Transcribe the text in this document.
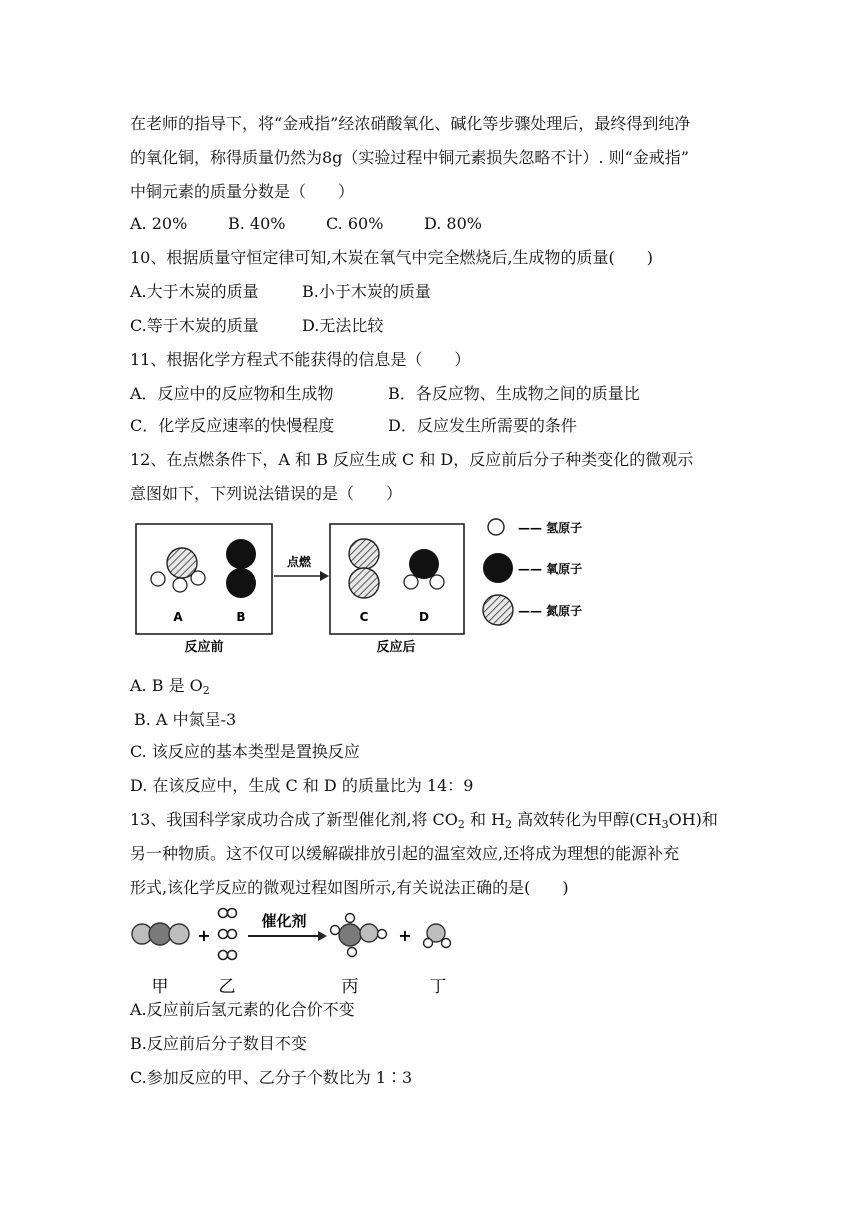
在老师的指导下，将“金戒指”经浓硝酸氧化、碱化等步骤处理后，最终得到纯净
的氧化铜，称得质量仍然为8g（实验过程中铜元素损失忽略不计）. 则“金戒指”
中铜元素的质量分数是（　　）
A. 20%	B. 40%	C. 60%	D. 80%
10、根据质量守恒定律可知,木炭在氧气中完全燃烧后,生成物的质量(　　)
A.大于木炭的质量	B.小于木炭的质量
C.等于木炭的质量	D.无法比较
11、根据化学方程式不能获得的信息是（　　）
A．反应中的反应物和生成物	B．各反应物、生成物之间的质量比
C．化学反应速率的快慢程度	D．反应发生所需要的条件
12、在点燃条件下，A 和 B 反应生成 C 和 D，反应前后分子种类变化的微观示
意图如下，下列说法错误的是（　　）
A	B
反应前
点燃
C	D
反应后
—— 氢原子
—— 氧原子
—— 氮原子
A. B 是 $O_2$
B. A 中氮呈-3
C. 该反应的基本类型是置换反应
D. 在该反应中，生成 C 和 D 的质量比为 14：9
13、我国科学家成功合成了新型催化剂,将 $CO_2$ 和 $H_2$ 高效转化为甲醇$(CH_3OH)$和
另一种物质。这不仅可以缓解碳排放引起的温室效应,还将成为理想的能源补充
形式,该化学反应的微观过程如图所示,有关说法正确的是(　　)
+
催化剂
+
甲	乙	丙	丁
A.反应前后氢元素的化合价不变
B.反应前后分子数目不变
C.参加反应的甲、乙分子个数比为 1∶3
